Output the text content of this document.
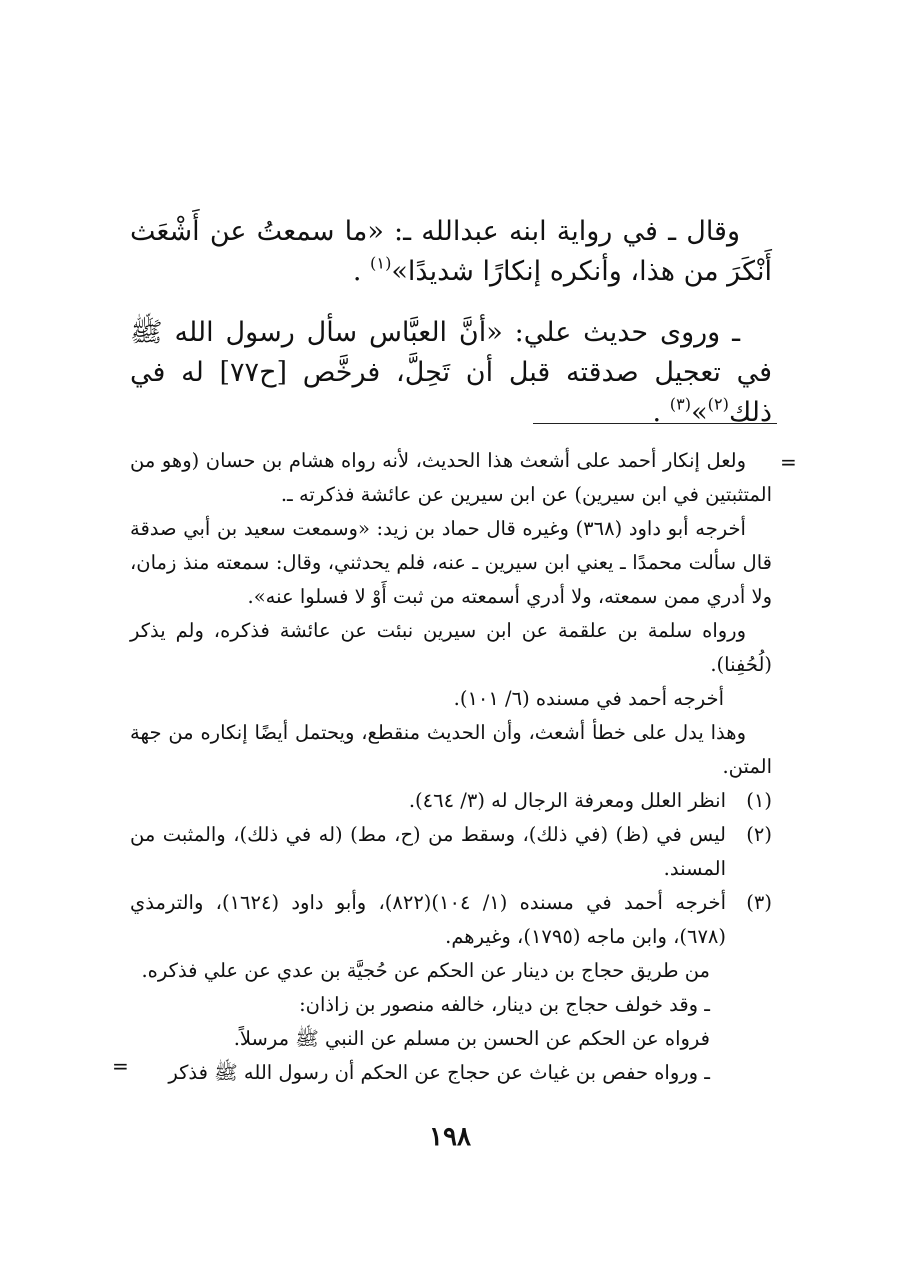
وقال ـ في رواية ابنه عبدالله ـ: «ما سمعتُ عن أَشْعَث أَنْكَرَ من هذا، وأنكره إنكارًا شديدًا»$^{(١)}$ .

ـ وروى حديث علي: «أنَّ العبَّاس سأل رسول الله ﷺ في تعجيل صدقته قبل أن تَحِلَّ، فرخَّص [ح٧٧] له في ذلك$^{(٢)}$»$^{(٣)}$ .

=

ولعل إنكار أحمد على أشعث هذا الحديث، لأنه رواه هشام بن حسان (وهو من المتثبتين في ابن سيرين) عن ابن سيرين عن عائشة فذكرته ـ.

أخرجه أبو داود (٣٦٨) وغيره قال حماد بن زيد: «وسمعت سعيد بن أبي صدقة قال سألت محمدًا ـ يعني ابن سيرين ـ عنه، فلم يحدثني، وقال: سمعته منذ زمان، ولا أدري ممن سمعته، ولا أدري أسمعته من ثبت أَوْ لا فسلوا عنه».

ورواه سلمة بن علقمة عن ابن سيرين نبئت عن عائشة فذكره، ولم يذكر (لُحُفِنا).

أخرجه أحمد في مسنده (٦/ ١٠١).

وهذا يدل على خطأ أشعث، وأن الحديث منقطع، ويحتمل أيضًا إنكاره من جهة المتن.

(١)
انظر العلل ومعرفة الرجال له (٣/ ٤٦٤).
(٢)
ليس في (ظ) (في ذلك)، وسقط من (ح، مط) (له في ذلك)، والمثبت من المسند.
(٣)
أخرجه أحمد في مسنده (١/ ١٠٤)(٨٢٢)، وأبو داود (١٦٢٤)، والترمذي (٦٧٨)، وابن ماجه (١٧٩٥)، وغيرهم.

من طريق حجاج بن دينار عن الحكم عن حُجيَّة بن عدي عن علي فذكره.

ـ وقد خولف حجاج بن دينار، خالفه منصور بن زاذان:

فرواه عن الحكم عن الحسن بن مسلم عن النبي ﷺ مرسلاً.

ـ ورواه حفص بن غياث عن حجاج عن الحكم أن رسول الله ﷺ فذكر

=
١٩٨
